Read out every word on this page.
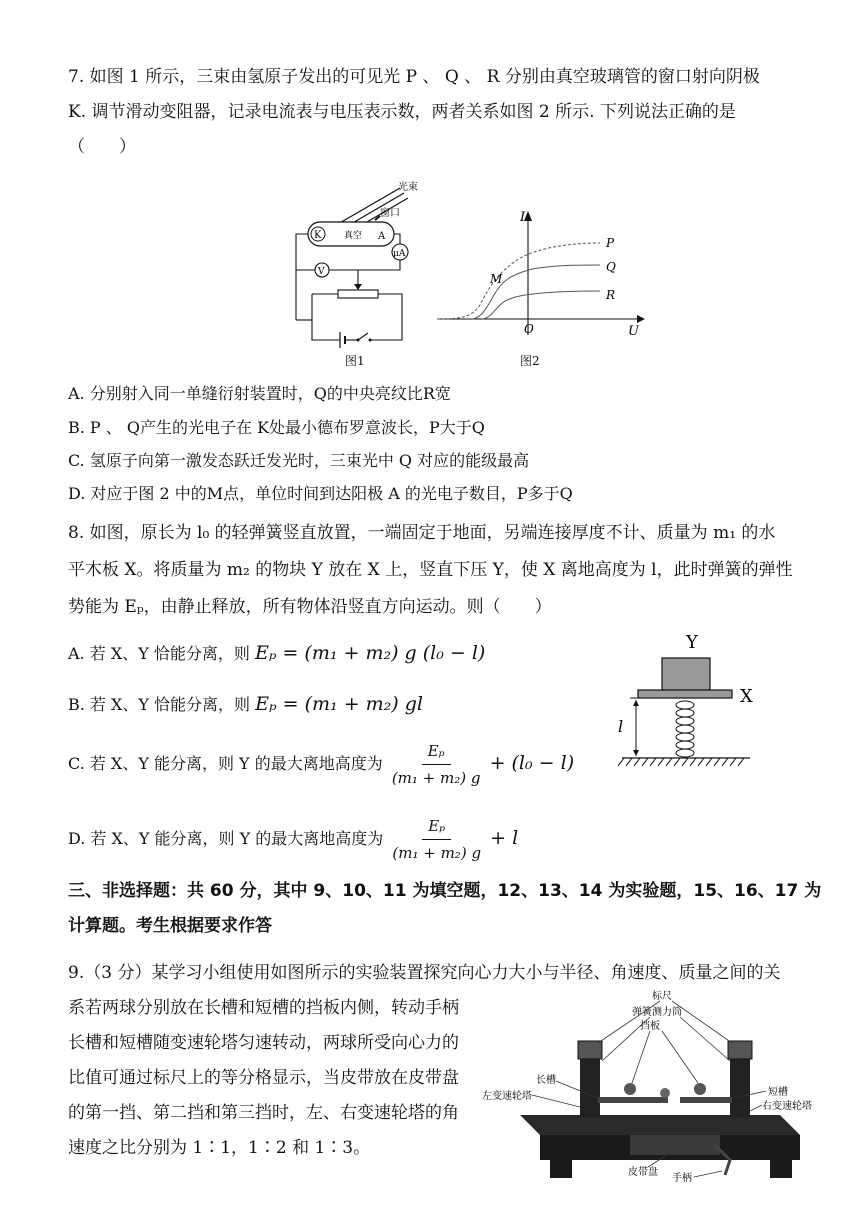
7. 如图 1 所示，三束由氢原子发出的可见光 P 、 Q 、 R 分别由真空玻璃管的窗口射向阴极
K. 调节滑动变阻器，记录电流表与电压表示数，两者关系如图 2 所示. 下列说法正确的是
（　　）
光束
窗口
K	真空 A
μA
V
图1
I
U
O
M
P
Q
R
图2
A. 分别射入同一单缝衍射装置时，Q的中央亮纹比R宽
B. P 、 Q产生的光电子在 K处最小德布罗意波长，P大于Q
C. 氢原子向第一激发态跃迁发光时，三束光中 Q 对应的能级最高
D. 对应于图 2 中的M点，单位时间到达阳极 A 的光电子数目，P多于Q
8. 如图，原长为 l₀ 的轻弹簧竖直放置，一端固定于地面，另端连接厚度不计、质量为 m₁ 的水
平木板 X。将质量为 m₂ 的物块 Y 放在 X 上，竖直下压 Y，使 X 离地高度为 l，此时弹簧的弹性
势能为 Eₚ，由静止释放，所有物体沿竖直方向运动。则（　　）
A. 若 X、Y 恰能分离，则 Eₚ = (m₁ + m₂) g (l₀ − l)
B. 若 X、Y 恰能分离，则 Eₚ = (m₁ + m₂) gl
C. 若 X、Y 能分离，则 Y 的最大离地高度为 $\frac{\text{Eₚ}}{\text{(m₁ + m₂) g}} + (l_0 - l)$
D. 若 X、Y 能分离，则 Y 的最大离地高度为 $\frac{\text{Eₚ}}{\text{(m₁ + m₂) g}} + l$
Y
X
l
三、非选择题：共 60 分，其中 9、10、11 为填空题，12、13、14 为实验题，15、16、17 为
计算题。考生根据要求作答
9.（3 分）某学习小组使用如图所示的实验装置探究向心力大小与半径、角速度、质量之间的关
系若两球分别放在长槽和短槽的挡板内侧，转动手柄
长槽和短槽随变速轮塔匀速转动，两球所受向心力的
比值可通过标尺上的等分格显示，当皮带放在皮带盘
的第一挡、第二挡和第三挡时，左、右变速轮塔的角
速度之比分别为 1∶1，1∶2 和 1∶3。
标尺
弹簧测力筒
挡板
长槽
左变速轮塔	短槽
右变速轮塔
皮带盘
手柄
